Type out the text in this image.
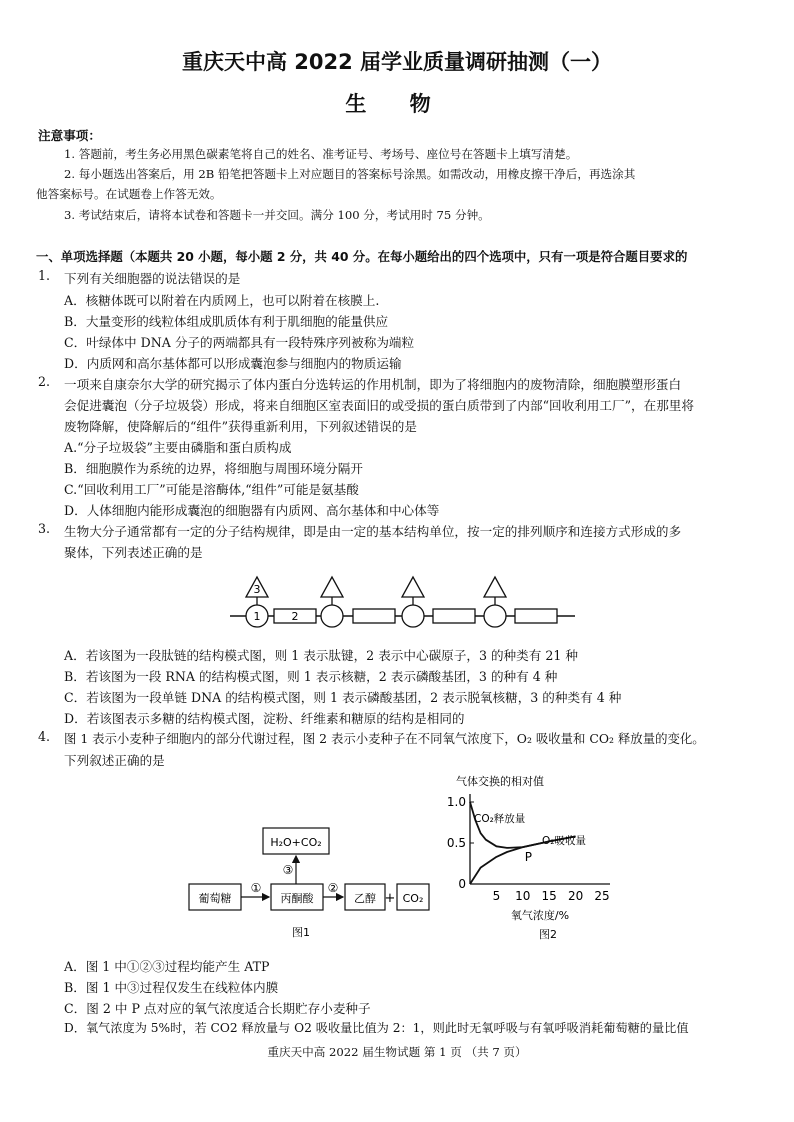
重庆天中高 2022 届学业质量调研抽测（一）
生 物
注意事项：
1. 答题前，考生务必用黑色碳素笔将自己的姓名、准考证号、考场号、座位号在答题卡上填写清楚。
2. 每小题选出答案后，用 2B 铅笔把答题卡上对应题目的答案标号涂黑。如需改动，用橡皮擦干净后，再选涂其
他答案标号。在试题卷上作答无效。
3. 考试结束后，请将本试卷和答题卡一并交回。满分 100 分，考试用时 75 分钟。
一、单项选择题（本题共 20 小题，每小题 2 分，共 40 分。在每小题给出的四个选项中，只有一项是符合题目要求的
1. 下列有关细胞器的说法错误的是
A．核糖体既可以附着在内质网上，也可以附着在核膜上.
B．大量变形的线粒体组成肌质体有利于肌细胞的能量供应
C．叶绿体中 DNA 分子的两端都具有一段特殊序列被称为端粒
D．内质网和高尔基体都可以形成囊泡参与细胞内的物质运输
2. 一项来自康奈尔大学的研究揭示了体内蛋白分选转运的作用机制，即为了将细胞内的废物清除，细胞膜塑形蛋白
会促进囊泡（分子垃圾袋）形成，将来自细胞区室表面旧的或受损的蛋白质带到了内部“回收利用工厂”，在那里将
废物降解，使降解后的“组件”获得重新利用，下列叙述错误的是
A.“分子垃圾袋”主要由磷脂和蛋白质构成
B．细胞膜作为系统的边界，将细胞与周围环境分隔开
C.“回收利用工厂”可能是溶酶体,“组件”可能是氨基酸
D．人体细胞内能形成囊泡的细胞器有内质网、高尔基体和中心体等
3. 生物大分子通常都有一定的分子结构规律，即是由一定的基本结构单位，按一定的排列顺序和连接方式形成的多
聚体，下列表述正确的是
3
1	2
A．若该图为一段肽链的结构模式图，则 1 表示肽键，2 表示中心碳原子，3 的种类有 21 种
B．若该图为一段 RNA 的结构模式图，则 1 表示核糖，2 表示磷酸基团，3 的种有 4 种
C．若该图为一段单链 DNA 的结构模式图，则 1 表示磷酸基团，2 表示脱氧核糖，3 的种类有 4 种
D．若该图表示多糖的结构模式图，淀粉、纤维素和糖原的结构是相同的
4. 图 1 表示小麦种子细胞内的部分代谢过程，图 2 表示小麦种子在不同氧气浓度下，O₂ 吸收量和 CO₂ 释放量的变化。
下列叙述正确的是
H₂O+CO₂
葡萄糖	丙酮酸	乙醇 + CO₂
①	②
③
图1
气体交换的相对值
5 10 15 20 25
0
0.5
1.0
P
CO₂释放量
O₂吸收量
氧气浓度/%
图2
A．图 1 中①②③过程均能产生 ATP
B．图 1 中③过程仅发生在线粒体内膜
C．图 2 中 P 点对应的氧气浓度适合长期贮存小麦种子
D．氧气浓度为 5%时，若 CO2 释放量与 O2 吸收量比值为 2：1，则此时无氧呼吸与有氧呼吸消耗葡萄糖的量比值
重庆天中高 2022 届生物试题 第 1 页 （共 7 页）
